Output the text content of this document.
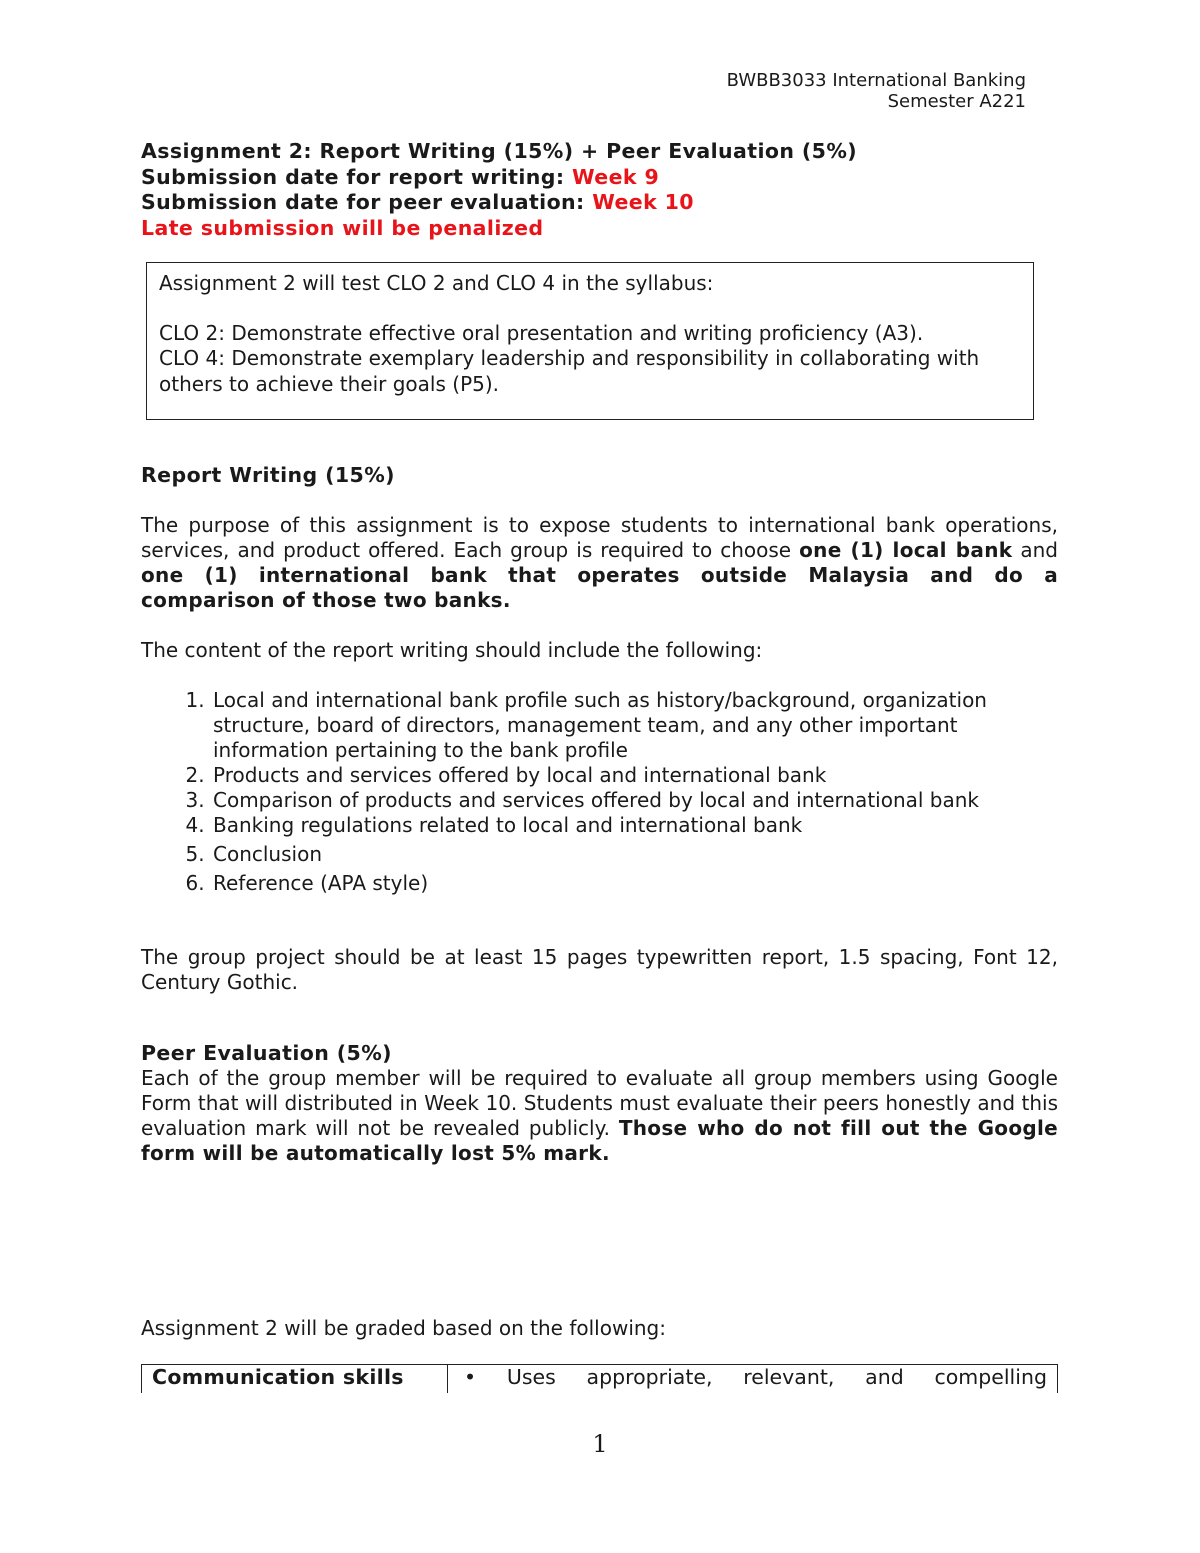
BWBB3033 International Banking
Semester A221
Assignment 2: Report Writing (15%) + Peer Evaluation (5%)
Submission date for report writing: Week 9
Submission date for peer evaluation: Week 10
Late submission will be penalized

Assignment 2 will test CLO 2 and CLO 4 in the syllabus:

CLO 2: Demonstrate effective oral presentation and writing proficiency (A3).

CLO 4: Demonstrate exemplary leadership and responsibility in collaborating with others to achieve their goals (P5).

Report Writing (15%)

The purpose of this assignment is to expose students to international bank operations, services, and product offered. Each group is required to choose one (1) local bank and one (1) international bank that operates outside Malaysia and do a comparison of those two banks.

The content of the report writing should include the following:

1. Local and international bank profile such as history/background, organization structure, board of directors, management team, and any other important information pertaining to the bank profile
2. Products and services offered by local and international bank
3. Comparison of products and services offered by local and international bank
4. Banking regulations related to local and international bank
5. Conclusion
6. Reference (APA style)

The group project should be at least 15 pages typewritten report, 1.5 spacing, Font 12, Century Gothic.

Peer Evaluation (5%)

Each of the group member will be required to evaluate all group members using Google Form that will distributed in Week 10. Students must evaluate their peers honestly and this evaluation mark will not be revealed publicly. Those who do not fill out the Google form will be automatically lost 5% mark.

Assignment 2 will be graded based on the following:

Communication skills	• Uses appropriate, relevant, and compelling
1
